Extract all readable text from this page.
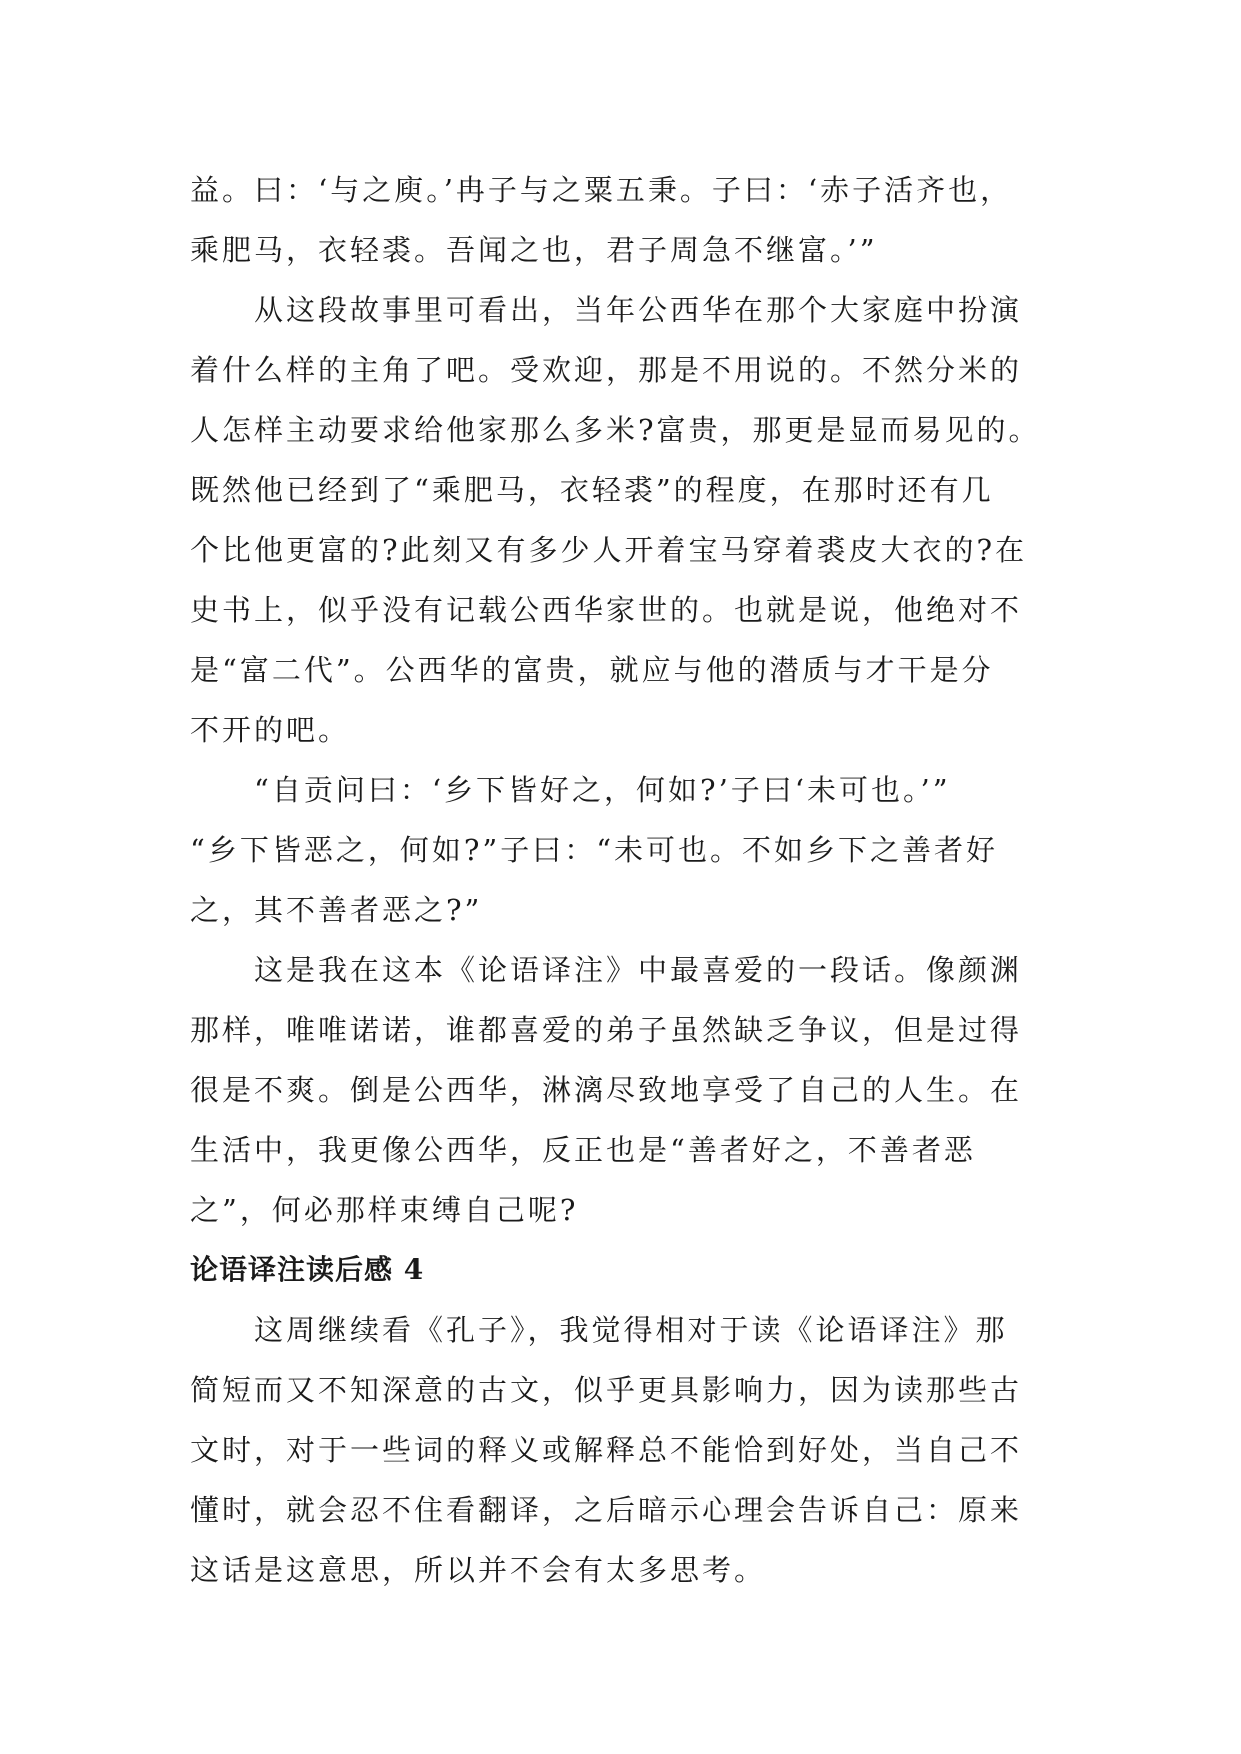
益。曰：‘与之庾。’冉子与之粟五秉。子曰：‘赤子活齐也，
乘肥马，衣轻裘。吾闻之也，君子周急不继富。’”

从这段故事里可看出，当年公西华在那个大家庭中扮演
着什么样的主角了吧。受欢迎，那是不用说的。不然分米的
人怎样主动要求给他家那么多米?富贵，那更是显而易见的。
既然他已经到了“乘肥马，衣轻裘”的程度，在那时还有几
个比他更富的?此刻又有多少人开着宝马穿着裘皮大衣的?在
史书上，似乎没有记载公西华家世的。也就是说，他绝对不
是“富二代”。公西华的富贵，就应与他的潜质与才干是分
不开的吧。

“自贡问曰：‘乡下皆好之，何如?’子曰‘未可也。’”
“乡下皆恶之，何如?”子曰：“未可也。不如乡下之善者好
之，其不善者恶之?”

这是我在这本《论语译注》中最喜爱的一段话。像颜渊
那样，唯唯诺诺，谁都喜爱的弟子虽然缺乏争议，但是过得
很是不爽。倒是公西华，淋漓尽致地享受了自己的人生。在
生活中，我更像公西华，反正也是“善者好之，不善者恶
之”，何必那样束缚自己呢?

论语译注读后感 4

这周继续看《孔子》，我觉得相对于读《论语译注》那
简短而又不知深意的古文，似乎更具影响力，因为读那些古
文时，对于一些词的释义或解释总不能恰到好处，当自己不
懂时，就会忍不住看翻译，之后暗示心理会告诉自己：原来
这话是这意思，所以并不会有太多思考。
